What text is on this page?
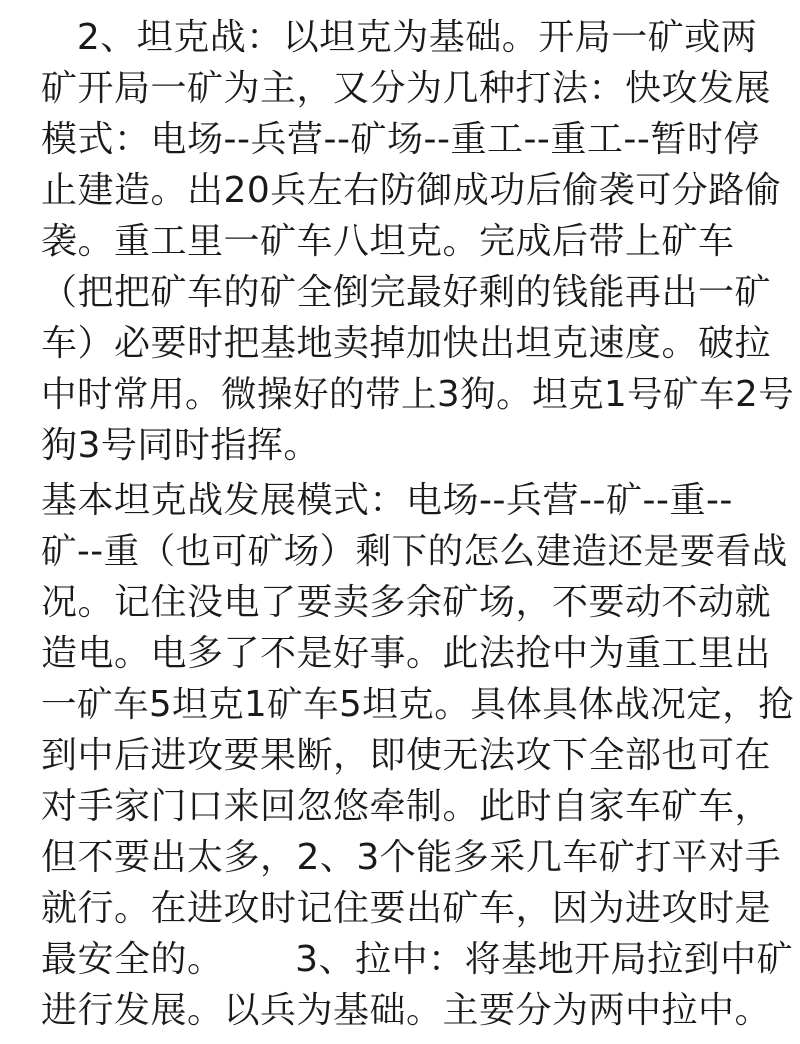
2、坦克战：以坦克为基础。开局一矿或两
矿开局一矿为主，又分为几种打法：快攻发展
模式：电场--兵营--矿场--重工--重工--暂时停
止建造。出20兵左右防御成功后偷袭可分路偷
袭。重工里一矿车八坦克。完成后带上矿车
（把把矿车的矿全倒完最好剩的钱能再出一矿
车）必要时把基地卖掉加快出坦克速度。破拉
中时常用。微操好的带上3狗。坦克1号矿车2号
狗3号同时指挥。
基本坦克战发展模式：电场--兵营--矿--重--
矿--重（也可矿场）剩下的怎么建造还是要看战
况。记住没电了要卖多余矿场，不要动不动就
造电。电多了不是好事。此法抢中为重工里出
一矿车5坦克1矿车5坦克。具体具体战况定，抢
到中后进攻要果断，即使无法攻下全部也可在
对手家门口来回忽悠牵制。此时自家车矿车，
但不要出太多，2、3个能多采几车矿打平对手
就行。在进攻时记住要出矿车，因为进攻时是
最安全的。      3、拉中：将基地开局拉到中矿
进行发展。以兵为基础。主要分为两中拉中。
